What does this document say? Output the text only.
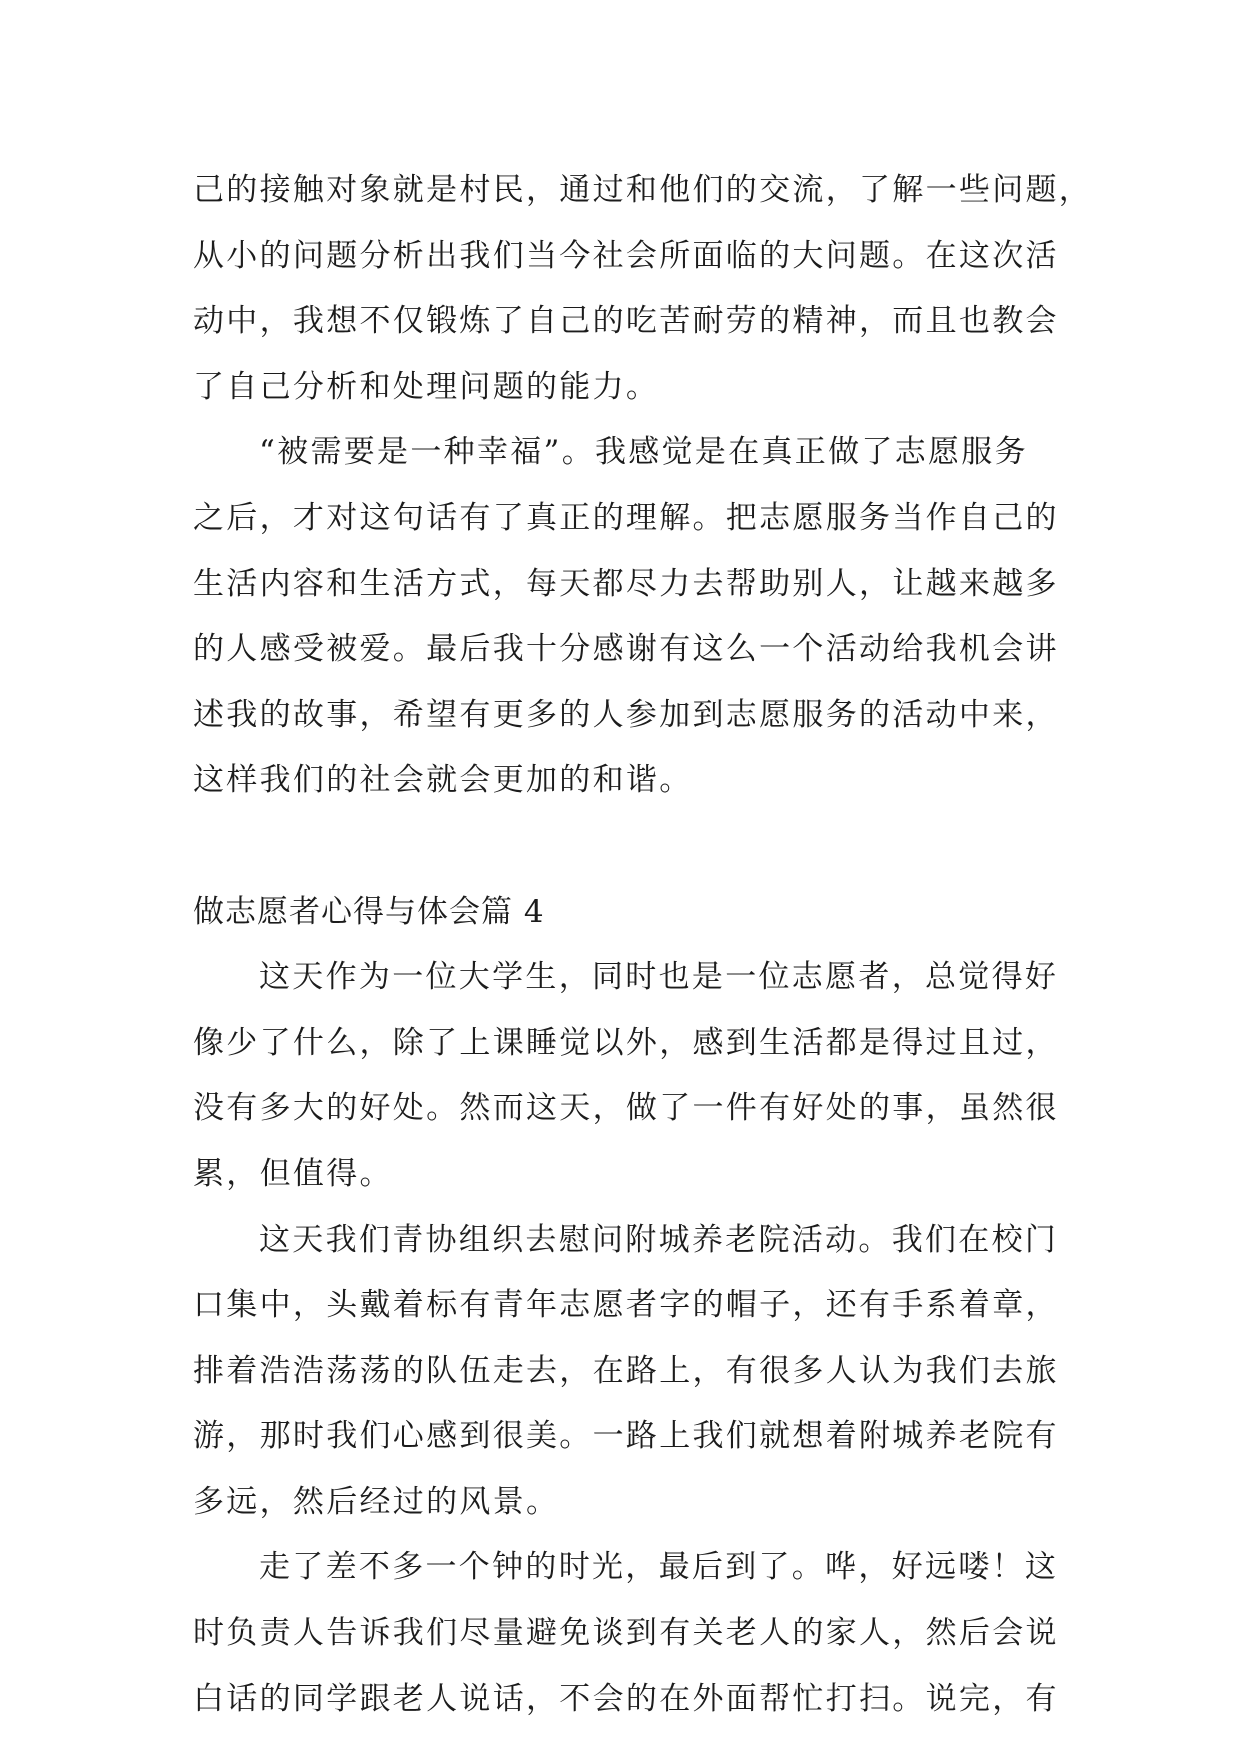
己的接触对象就是村民，通过和他们的交流，了解一些问题，
从小的问题分析出我们当今社会所面临的大问题。在这次活
动中，我想不仅锻炼了自己的吃苦耐劳的精神，而且也教会
了自己分析和处理问题的能力。
“被需要是一种幸福”。我感觉是在真正做了志愿服务
之后，才对这句话有了真正的理解。把志愿服务当作自己的
生活内容和生活方式，每天都尽力去帮助别人，让越来越多
的人感受被爱。最后我十分感谢有这么一个活动给我机会讲
述我的故事，希望有更多的人参加到志愿服务的活动中来，
这样我们的社会就会更加的和谐。
做志愿者心得与体会篇 4
这天作为一位大学生，同时也是一位志愿者，总觉得好
像少了什么，除了上课睡觉以外，感到生活都是得过且过，
没有多大的好处。然而这天，做了一件有好处的事，虽然很
累，但值得。
这天我们青协组织去慰问附城养老院活动。我们在校门
口集中，头戴着标有青年志愿者字的帽子，还有手系着章，
排着浩浩荡荡的队伍走去，在路上，有很多人认为我们去旅
游，那时我们心感到很美。一路上我们就想着附城养老院有
多远，然后经过的风景。
走了差不多一个钟的时光，最后到了。哗，好远喽！这
时负责人告诉我们尽量避免谈到有关老人的家人，然后会说
白话的同学跟老人说话，不会的在外面帮忙打扫。说完，有
